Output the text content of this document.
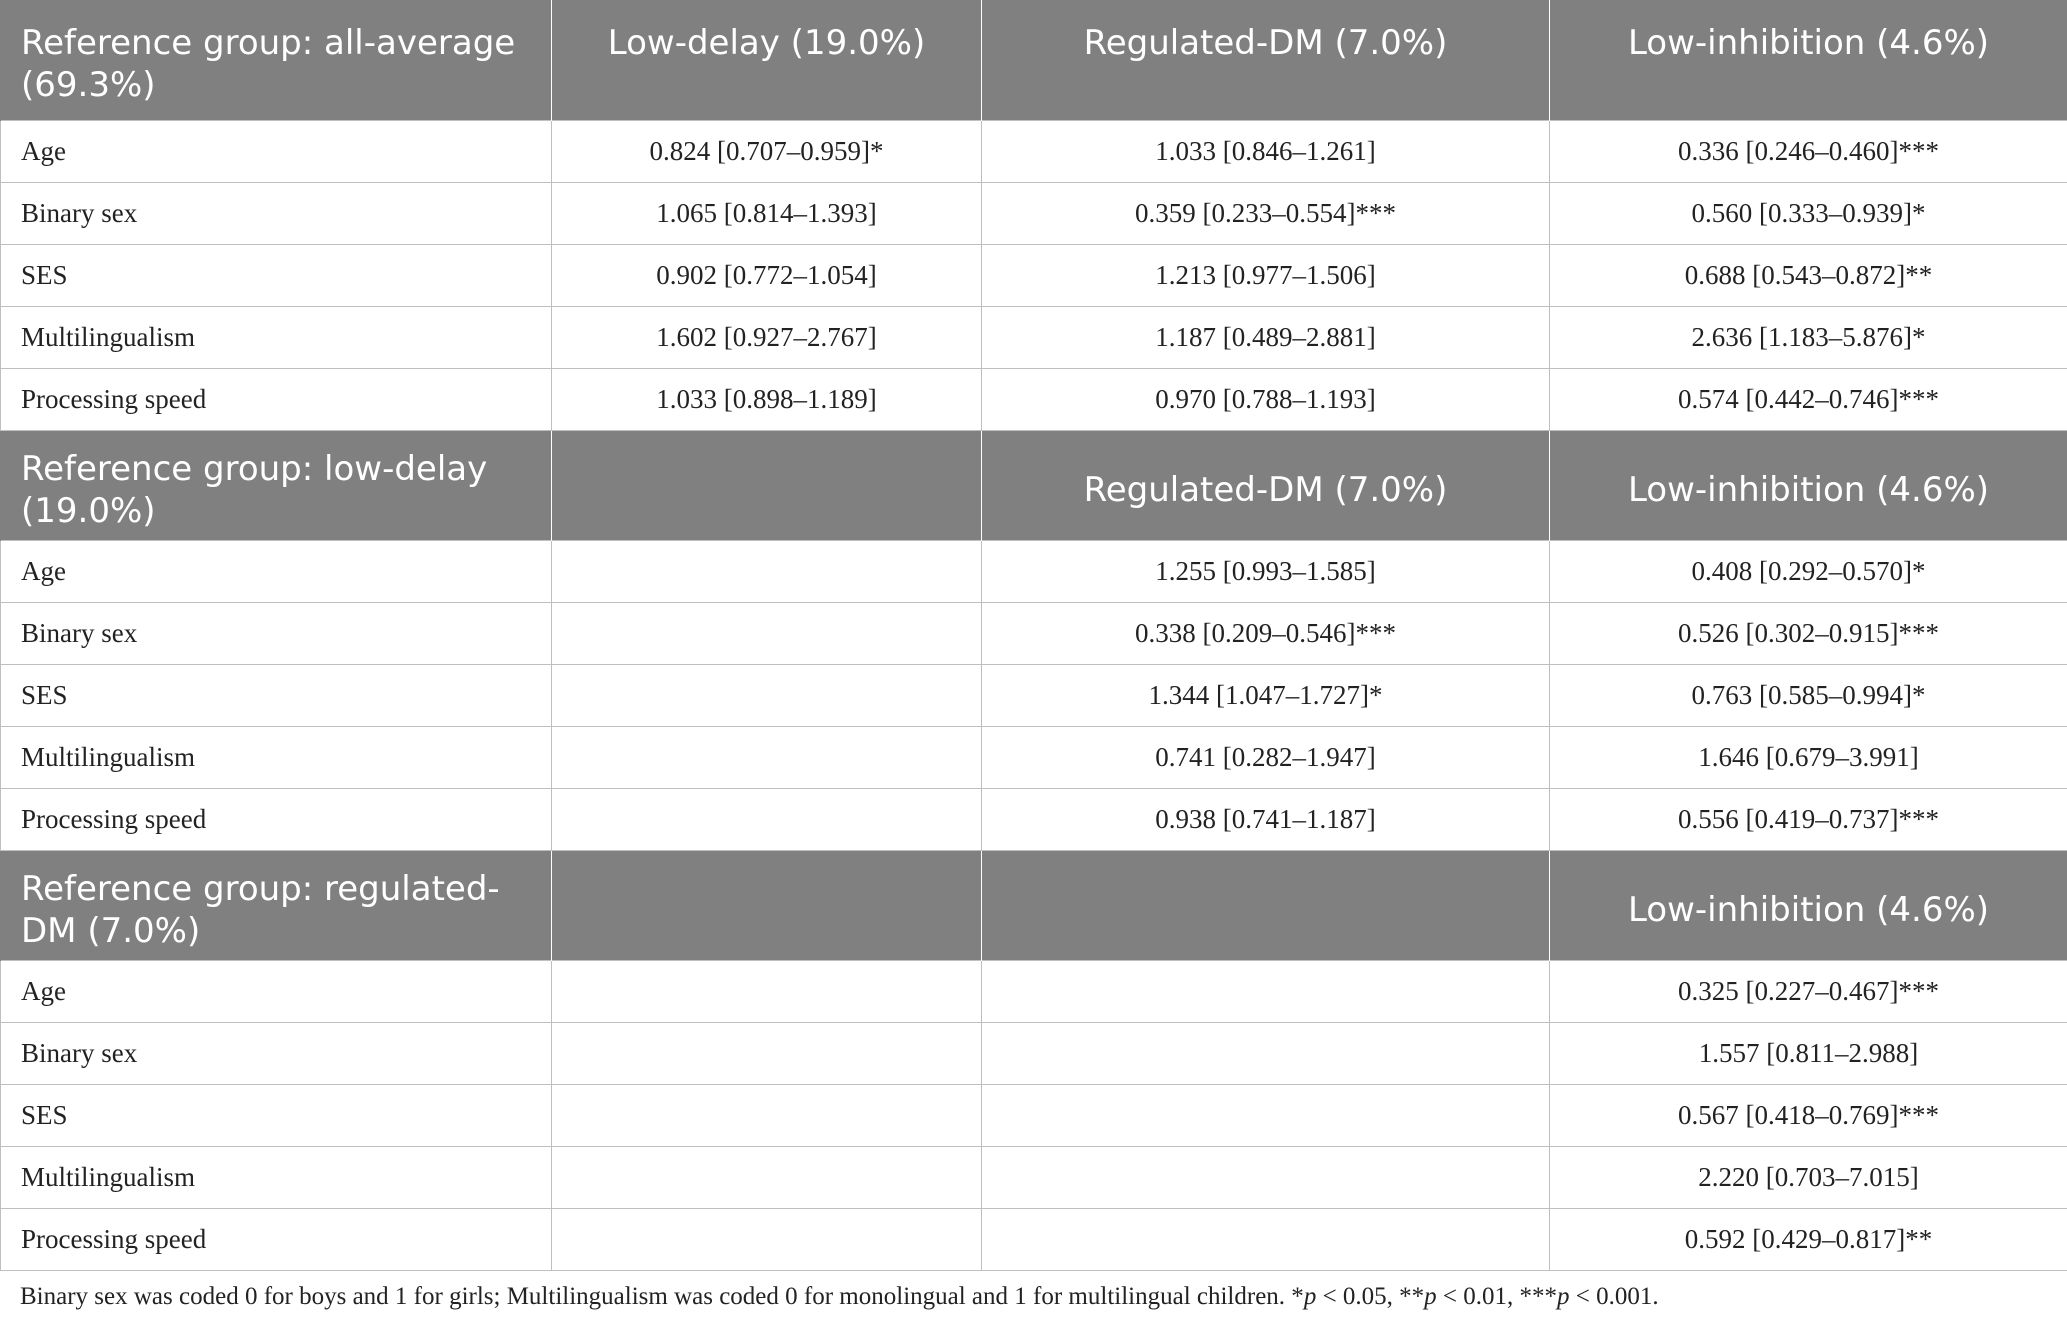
Reference group: all-average (69.3%)	Low-delay (19.0%)	Regulated-DM (7.0%)	Low-inhibition (4.6%)
Age	0.824 [0.707–0.959]*	1.033 [0.846–1.261]	0.336 [0.246–0.460]***
Binary sex	1.065 [0.814–1.393]	0.359 [0.233–0.554]***	0.560 [0.333–0.939]*
SES	0.902 [0.772–1.054]	1.213 [0.977–1.506]	0.688 [0.543–0.872]**
Multilingualism	1.602 [0.927–2.767]	1.187 [0.489–2.881]	2.636 [1.183–5.876]*
Processing speed	1.033 [0.898–1.189]	0.970 [0.788–1.193]	0.574 [0.442–0.746]***
Reference group: low-delay (19.0%)		Regulated-DM (7.0%)	Low-inhibition (4.6%)
Age		1.255 [0.993–1.585]	0.408 [0.292–0.570]*
Binary sex		0.338 [0.209–0.546]***	0.526 [0.302–0.915]***
SES		1.344 [1.047–1.727]*	0.763 [0.585–0.994]*
Multilingualism		0.741 [0.282–1.947]	1.646 [0.679–3.991]
Processing speed		0.938 [0.741–1.187]	0.556 [0.419–0.737]***
Reference group: regulated-DM (7.0%)			Low-inhibition (4.6%)
Age			0.325 [0.227–0.467]***
Binary sex			1.557 [0.811–2.988]
SES			0.567 [0.418–0.769]***
Multilingualism			2.220 [0.703–7.015]
Processing speed			0.592 [0.429–0.817]**
Binary sex was coded 0 for boys and 1 for girls; Multilingualism was coded 0 for monolingual and 1 for multilingual children. *p < 0.05, **p < 0.01, ***p < 0.001.
